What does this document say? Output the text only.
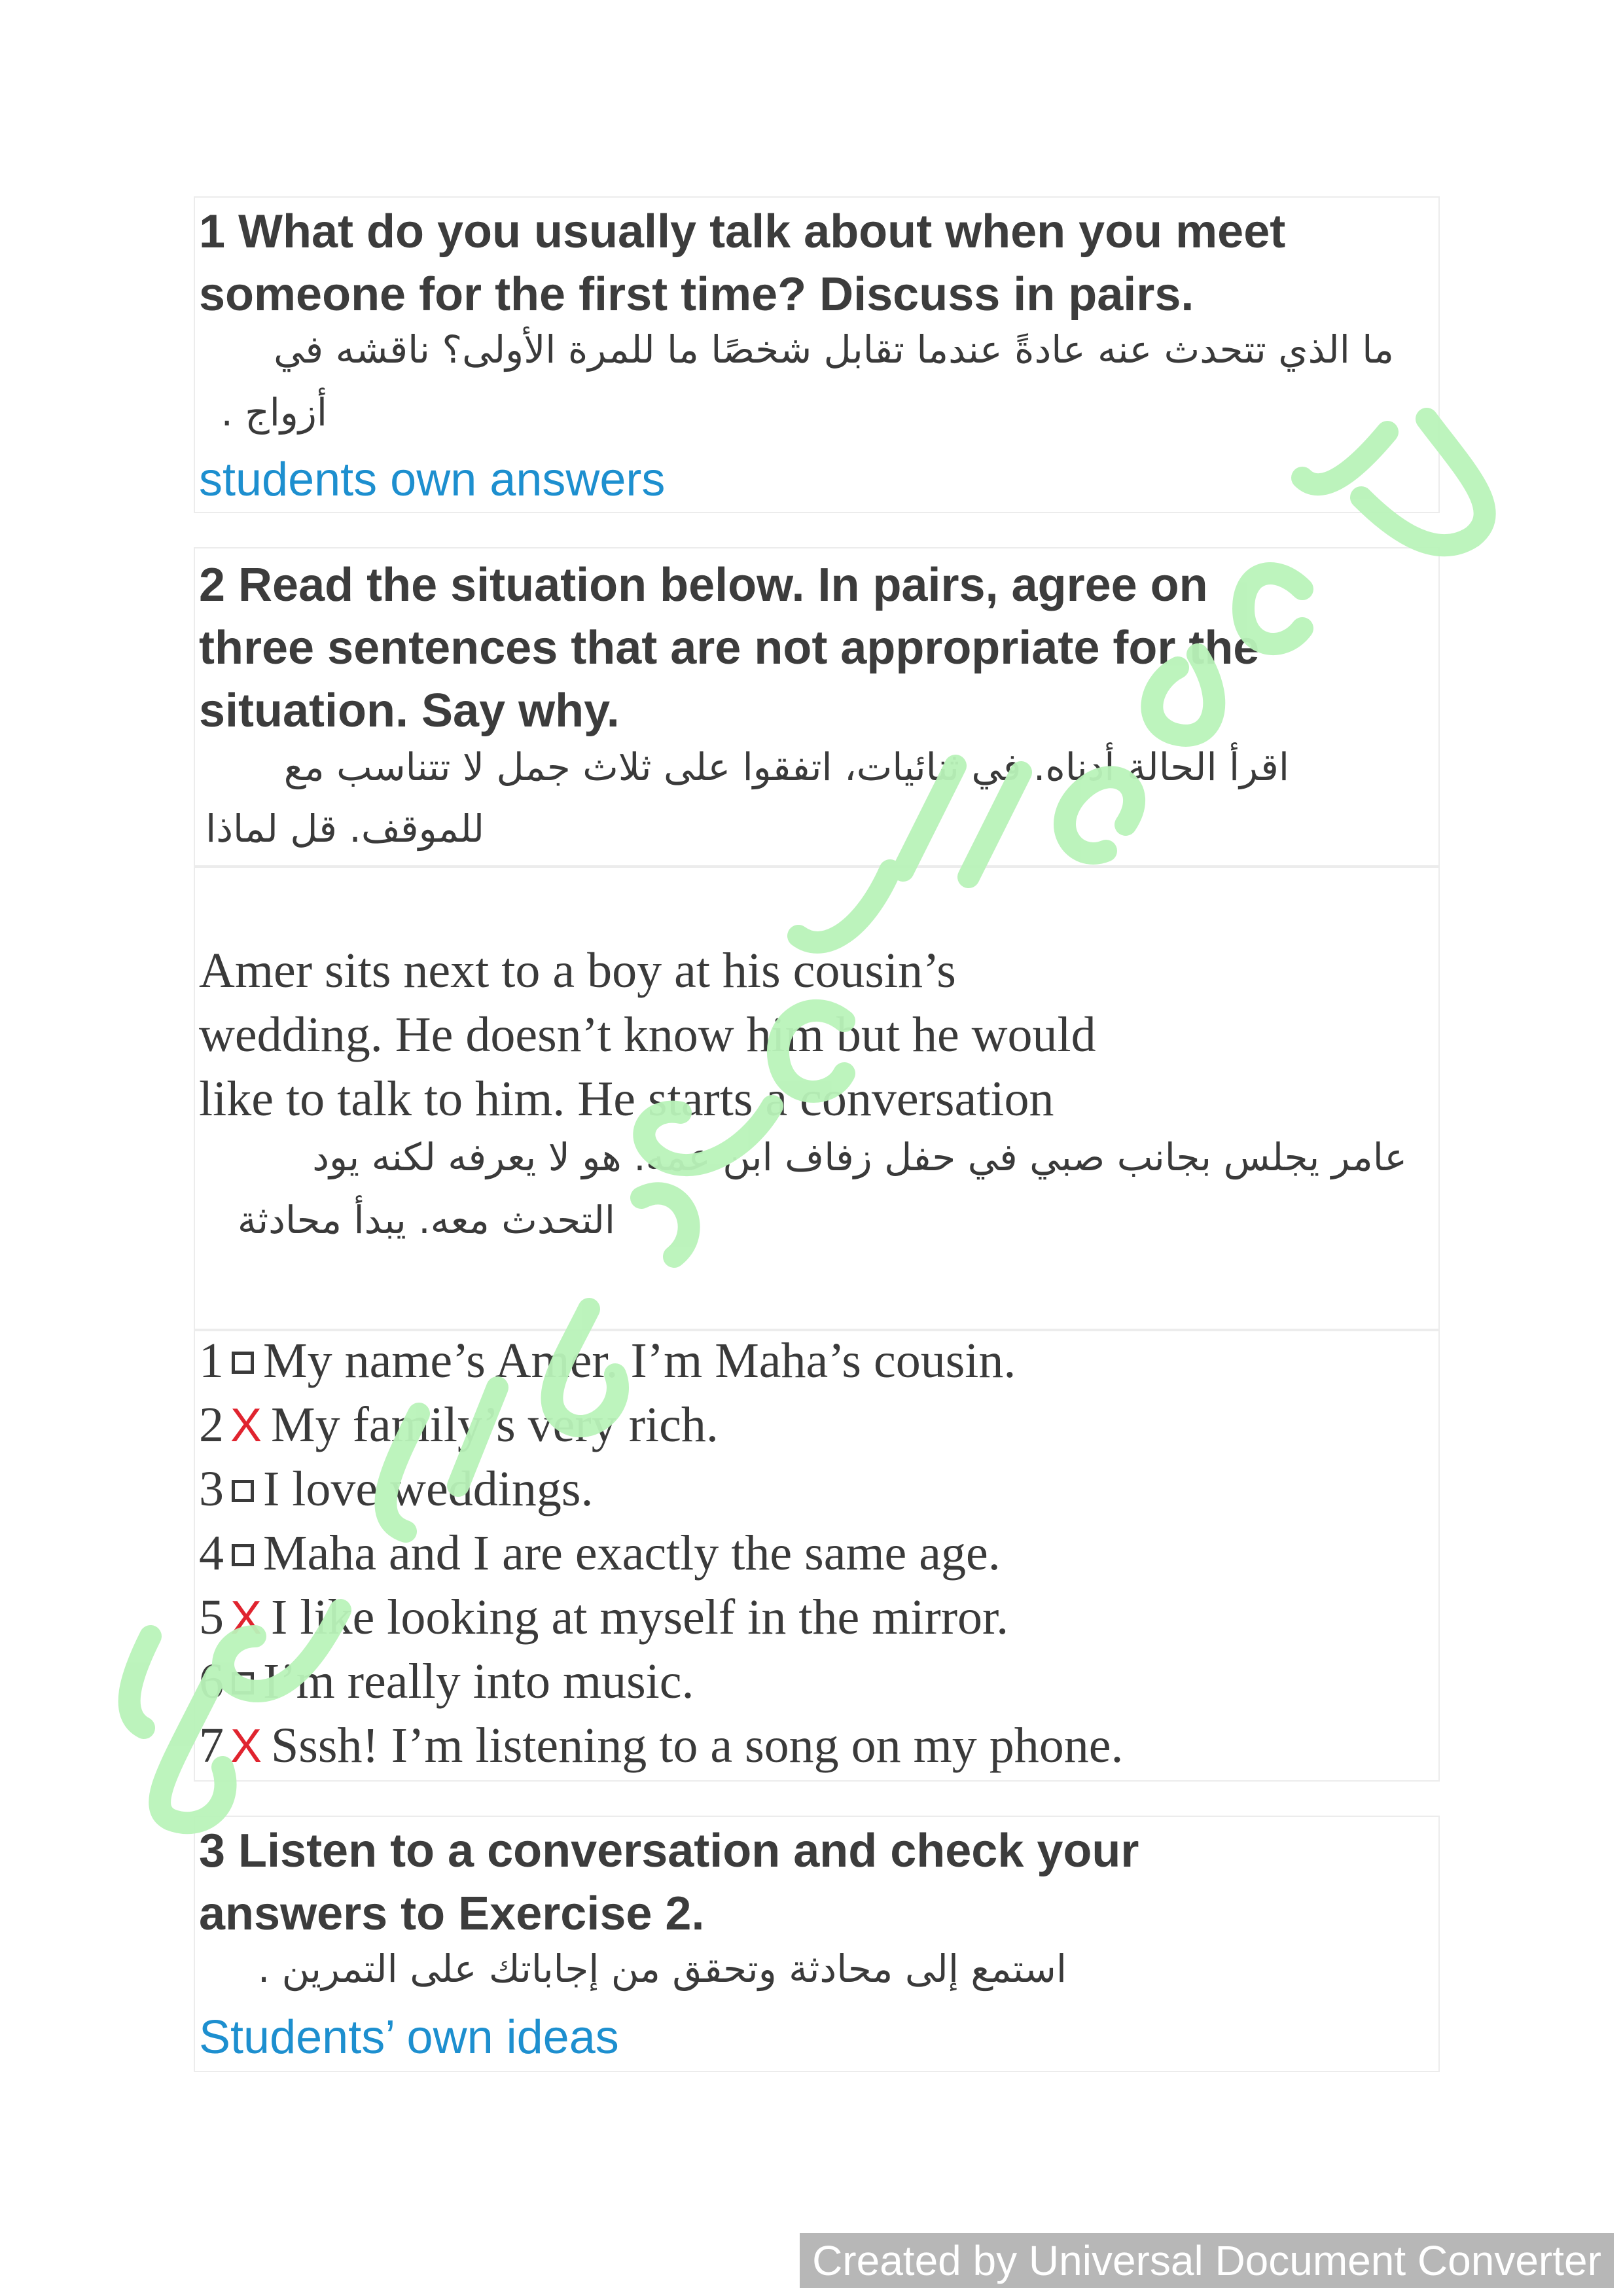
1 What do you usually talk about when you meet
someone for the first time? Discuss in pairs.
ما الذي تتحدث عنه عادةً عندما تقابل شخصًا ما للمرة الأولى؟ ناقشه في
أزواج .
students own answers
2 Read the situation below. In pairs, agree on
three sentences that are not appropriate for the
situation. Say why.
اقرأ الحالة أدناه. في ثنائيات، اتفقوا على ثلاث جمل لا تتناسب مع
للموقف. قل لماذا
Amer sits next to a boy at his cousin’s
wedding. He doesn’t know him but he would
like to talk to him. He starts a conversation
عامر يجلس بجانب صبي في حفل زفاف ابن عمه. هو لا يعرفه لكنه يود
التحدث معه. يبدأ محادثة
1 My name’s Amer. I’m Maha’s cousin.
2 X My family’s very rich.
3 I love weddings.
4 Maha and I are exactly the same age.
5 X I like looking at myself in the mirror.
6 I’m really into music.
7 X Sssh! I’m listening to a song on my phone.
3 Listen to a conversation and check your
answers to Exercise 2.
استمع إلى محادثة وتحقق من إجاباتك على التمرين .
Students’ own ideas
Created by Universal Document Converter
